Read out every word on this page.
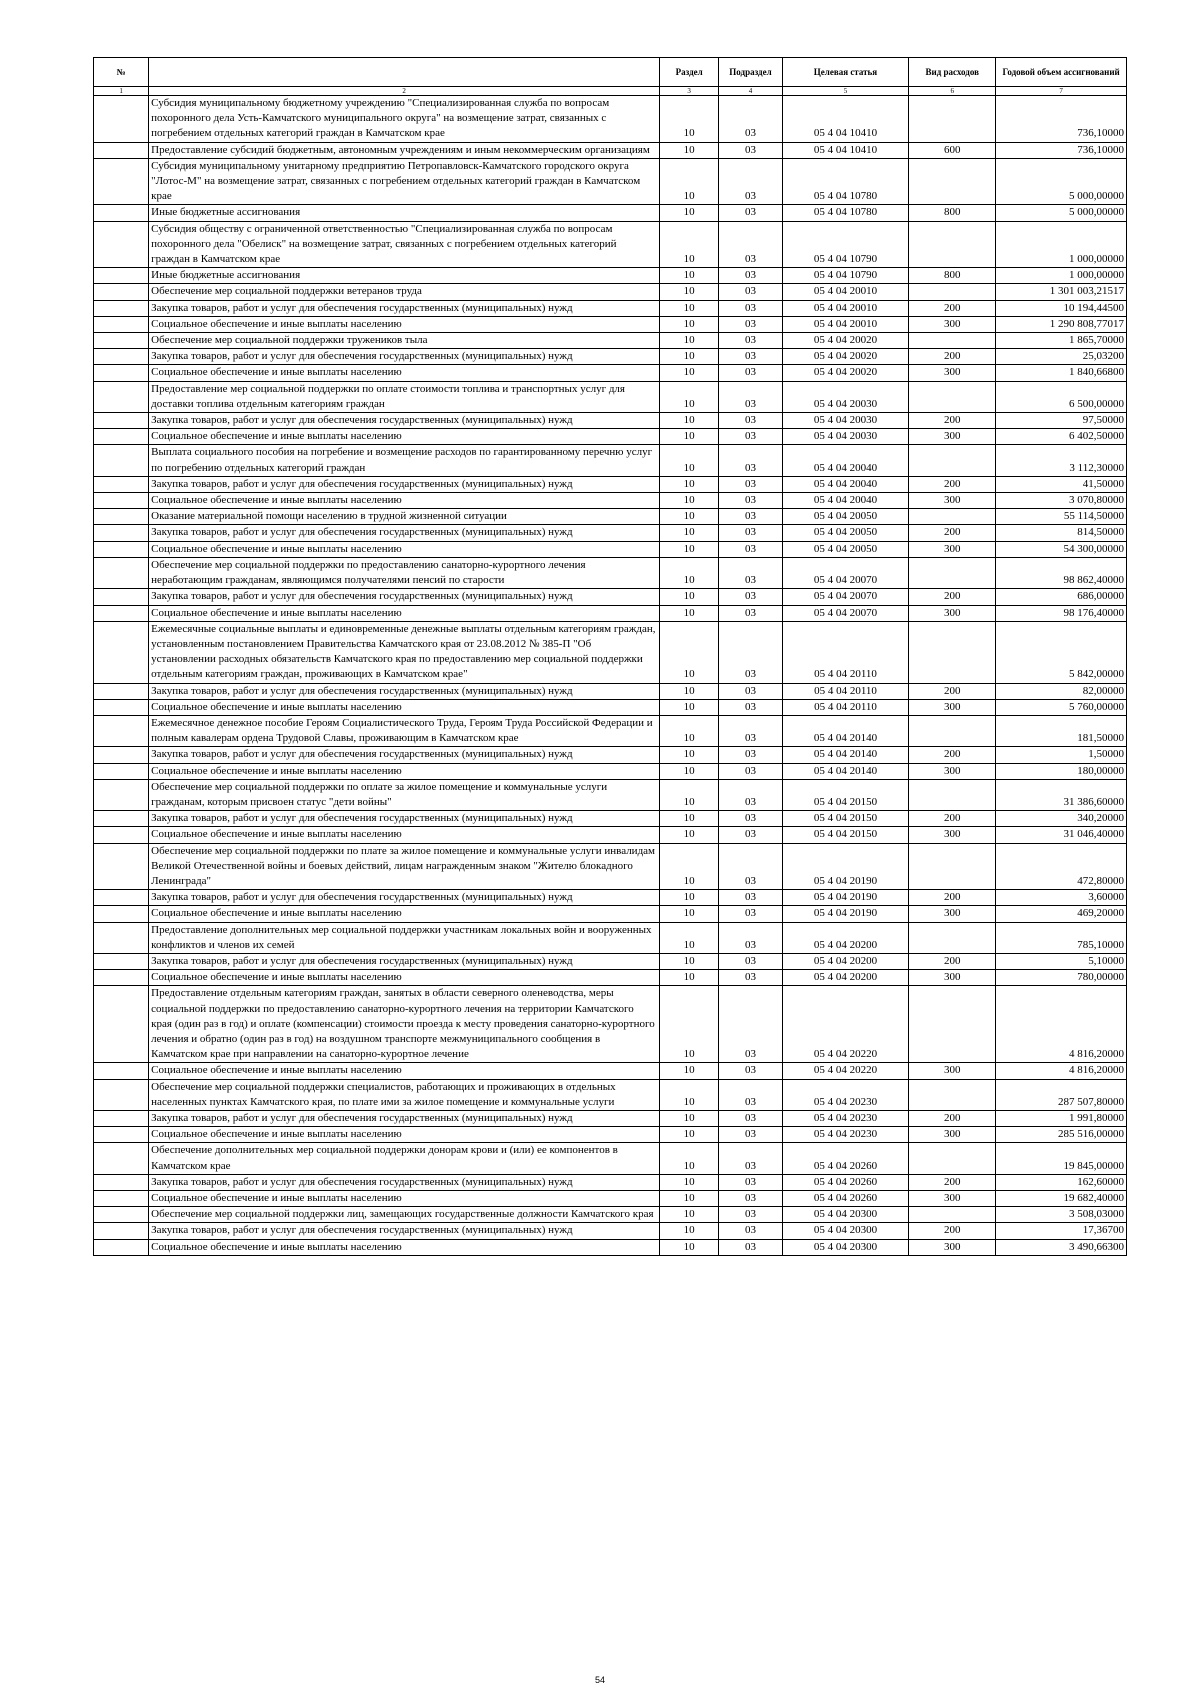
№		Раздел	Подраздел	Целевая статья	Вид расходов	Годовой объем ассигнований
1	2	3	4	5	6	7
	Субсидия муниципальному бюджетному учреждению "Специализированная служба по вопросам похоронного дела Усть-Камчатского муниципального округа" на возмещение затрат, связанных с погребением отдельных категорий граждан в Камчатском крае	10	03	05 4 04 10410		736,10000
	Предоставление субсидий бюджетным, автономным учреждениям и иным некоммерческим организациям	10	03	05 4 04 10410	600	736,10000
	Субсидия муниципальному унитарному предприятию Петропавловск-Камчатского городского округа "Лотос-М" на возмещение затрат, связанных с погребением отдельных категорий граждан в Камчатском крае	10	03	05 4 04 10780		5 000,00000
	Иные бюджетные ассигнования	10	03	05 4 04 10780	800	5 000,00000
	Субсидия обществу с ограниченной ответственностью "Специализированная служба по вопросам похоронного дела "Обелиск" на возмещение затрат, связанных с погребением отдельных категорий граждан в Камчатском крае	10	03	05 4 04 10790		1 000,00000
	Иные бюджетные ассигнования	10	03	05 4 04 10790	800	1 000,00000
	Обеспечение мер социальной поддержки ветеранов труда	10	03	05 4 04 20010		1 301 003,21517
	Закупка товаров, работ и услуг для обеспечения государственных (муниципальных) нужд	10	03	05 4 04 20010	200	10 194,44500
	Социальное обеспечение и иные выплаты населению	10	03	05 4 04 20010	300	1 290 808,77017
	Обеспечение мер социальной поддержки тружеников тыла	10	03	05 4 04 20020		1 865,70000
	Закупка товаров, работ и услуг для обеспечения государственных (муниципальных) нужд	10	03	05 4 04 20020	200	25,03200
	Социальное обеспечение и иные выплаты населению	10	03	05 4 04 20020	300	1 840,66800
	Предоставление мер социальной поддержки по оплате стоимости топлива и транспортных услуг для доставки топлива отдельным категориям граждан	10	03	05 4 04 20030		6 500,00000
	Закупка товаров, работ и услуг для обеспечения государственных (муниципальных) нужд	10	03	05 4 04 20030	200	97,50000
	Социальное обеспечение и иные выплаты населению	10	03	05 4 04 20030	300	6 402,50000
	Выплата социального пособия на погребение и возмещение расходов по гарантированному перечню услуг по погребению отдельных категорий граждан	10	03	05 4 04 20040		3 112,30000
	Закупка товаров, работ и услуг для обеспечения государственных (муниципальных) нужд	10	03	05 4 04 20040	200	41,50000
	Социальное обеспечение и иные выплаты населению	10	03	05 4 04 20040	300	3 070,80000
	Оказание материальной помощи населению в трудной жизненной ситуации	10	03	05 4 04 20050		55 114,50000
	Закупка товаров, работ и услуг для обеспечения государственных (муниципальных) нужд	10	03	05 4 04 20050	200	814,50000
	Социальное обеспечение и иные выплаты населению	10	03	05 4 04 20050	300	54 300,00000
	Обеспечение мер социальной поддержки по предоставлению санаторно-курортного лечения неработающим гражданам, являющимся получателями пенсий по старости	10	03	05 4 04 20070		98 862,40000
	Закупка товаров, работ и услуг для обеспечения государственных (муниципальных) нужд	10	03	05 4 04 20070	200	686,00000
	Социальное обеспечение и иные выплаты населению	10	03	05 4 04 20070	300	98 176,40000
	Ежемесячные социальные выплаты и единовременные денежные выплаты отдельным категориям граждан, установленным постановлением Правительства Камчатского края от 23.08.2012 № 385-П "Об установлении расходных обязательств Камчатского края по предоставлению мер социальной поддержки отдельным категориям граждан, проживающих в Камчатском крае"	10	03	05 4 04 20110		5 842,00000
	Закупка товаров, работ и услуг для обеспечения государственных (муниципальных) нужд	10	03	05 4 04 20110	200	82,00000
	Социальное обеспечение и иные выплаты населению	10	03	05 4 04 20110	300	5 760,00000
	Ежемесячное денежное пособие Героям Социалистического Труда, Героям Труда Российской Федерации и полным кавалерам ордена Трудовой Славы, проживающим в Камчатском крае	10	03	05 4 04 20140		181,50000
	Закупка товаров, работ и услуг для обеспечения государственных (муниципальных) нужд	10	03	05 4 04 20140	200	1,50000
	Социальное обеспечение и иные выплаты населению	10	03	05 4 04 20140	300	180,00000
	Обеспечение мер социальной поддержки по оплате за жилое помещение и коммунальные услуги гражданам, которым присвоен статус "дети войны"	10	03	05 4 04 20150		31 386,60000
	Закупка товаров, работ и услуг для обеспечения государственных (муниципальных) нужд	10	03	05 4 04 20150	200	340,20000
	Социальное обеспечение и иные выплаты населению	10	03	05 4 04 20150	300	31 046,40000
	Обеспечение мер социальной поддержки по плате за жилое помещение и коммунальные услуги инвалидам Великой Отечественной войны и боевых действий, лицам награжденным знаком "Жителю блокадного Ленинграда"	10	03	05 4 04 20190		472,80000
	Закупка товаров, работ и услуг для обеспечения государственных (муниципальных) нужд	10	03	05 4 04 20190	200	3,60000
	Социальное обеспечение и иные выплаты населению	10	03	05 4 04 20190	300	469,20000
	Предоставление дополнительных мер социальной поддержки участникам локальных войн и вооруженных конфликтов и членов их семей	10	03	05 4 04 20200		785,10000
	Закупка товаров, работ и услуг для обеспечения государственных (муниципальных) нужд	10	03	05 4 04 20200	200	5,10000
	Социальное обеспечение и иные выплаты населению	10	03	05 4 04 20200	300	780,00000
	Предоставление отдельным категориям граждан, занятых в области северного оленеводства, меры социальной поддержки по предоставлению санаторно-курортного лечения на территории Камчатского края (один раз в год) и оплате (компенсации) стоимости проезда к месту проведения санаторно-курортного лечения и обратно (один раз в год) на воздушном транспорте межмуниципального сообщения в Камчатском крае при направлении на санаторно-курортное лечение	10	03	05 4 04 20220		4 816,20000
	Социальное обеспечение и иные выплаты населению	10	03	05 4 04 20220	300	4 816,20000
	Обеспечение мер социальной поддержки специалистов, работающих и проживающих в отдельных населенных пунктах Камчатского края, по плате ими за жилое помещение и коммунальные услуги	10	03	05 4 04 20230		287 507,80000
	Закупка товаров, работ и услуг для обеспечения государственных (муниципальных) нужд	10	03	05 4 04 20230	200	1 991,80000
	Социальное обеспечение и иные выплаты населению	10	03	05 4 04 20230	300	285 516,00000
	Обеспечение дополнительных мер социальной поддержки донорам крови и (или) ее компонентов в Камчатском крае	10	03	05 4 04 20260		19 845,00000
	Закупка товаров, работ и услуг для обеспечения государственных (муниципальных) нужд	10	03	05 4 04 20260	200	162,60000
	Социальное обеспечение и иные выплаты населению	10	03	05 4 04 20260	300	19 682,40000
	Обеспечение мер социальной поддержки лиц, замещающих государственные должности Камчатского края	10	03	05 4 04 20300		3 508,03000
	Закупка товаров, работ и услуг для обеспечения государственных (муниципальных) нужд	10	03	05 4 04 20300	200	17,36700
	Социальное обеспечение и иные выплаты населению	10	03	05 4 04 20300	300	3 490,66300
54
